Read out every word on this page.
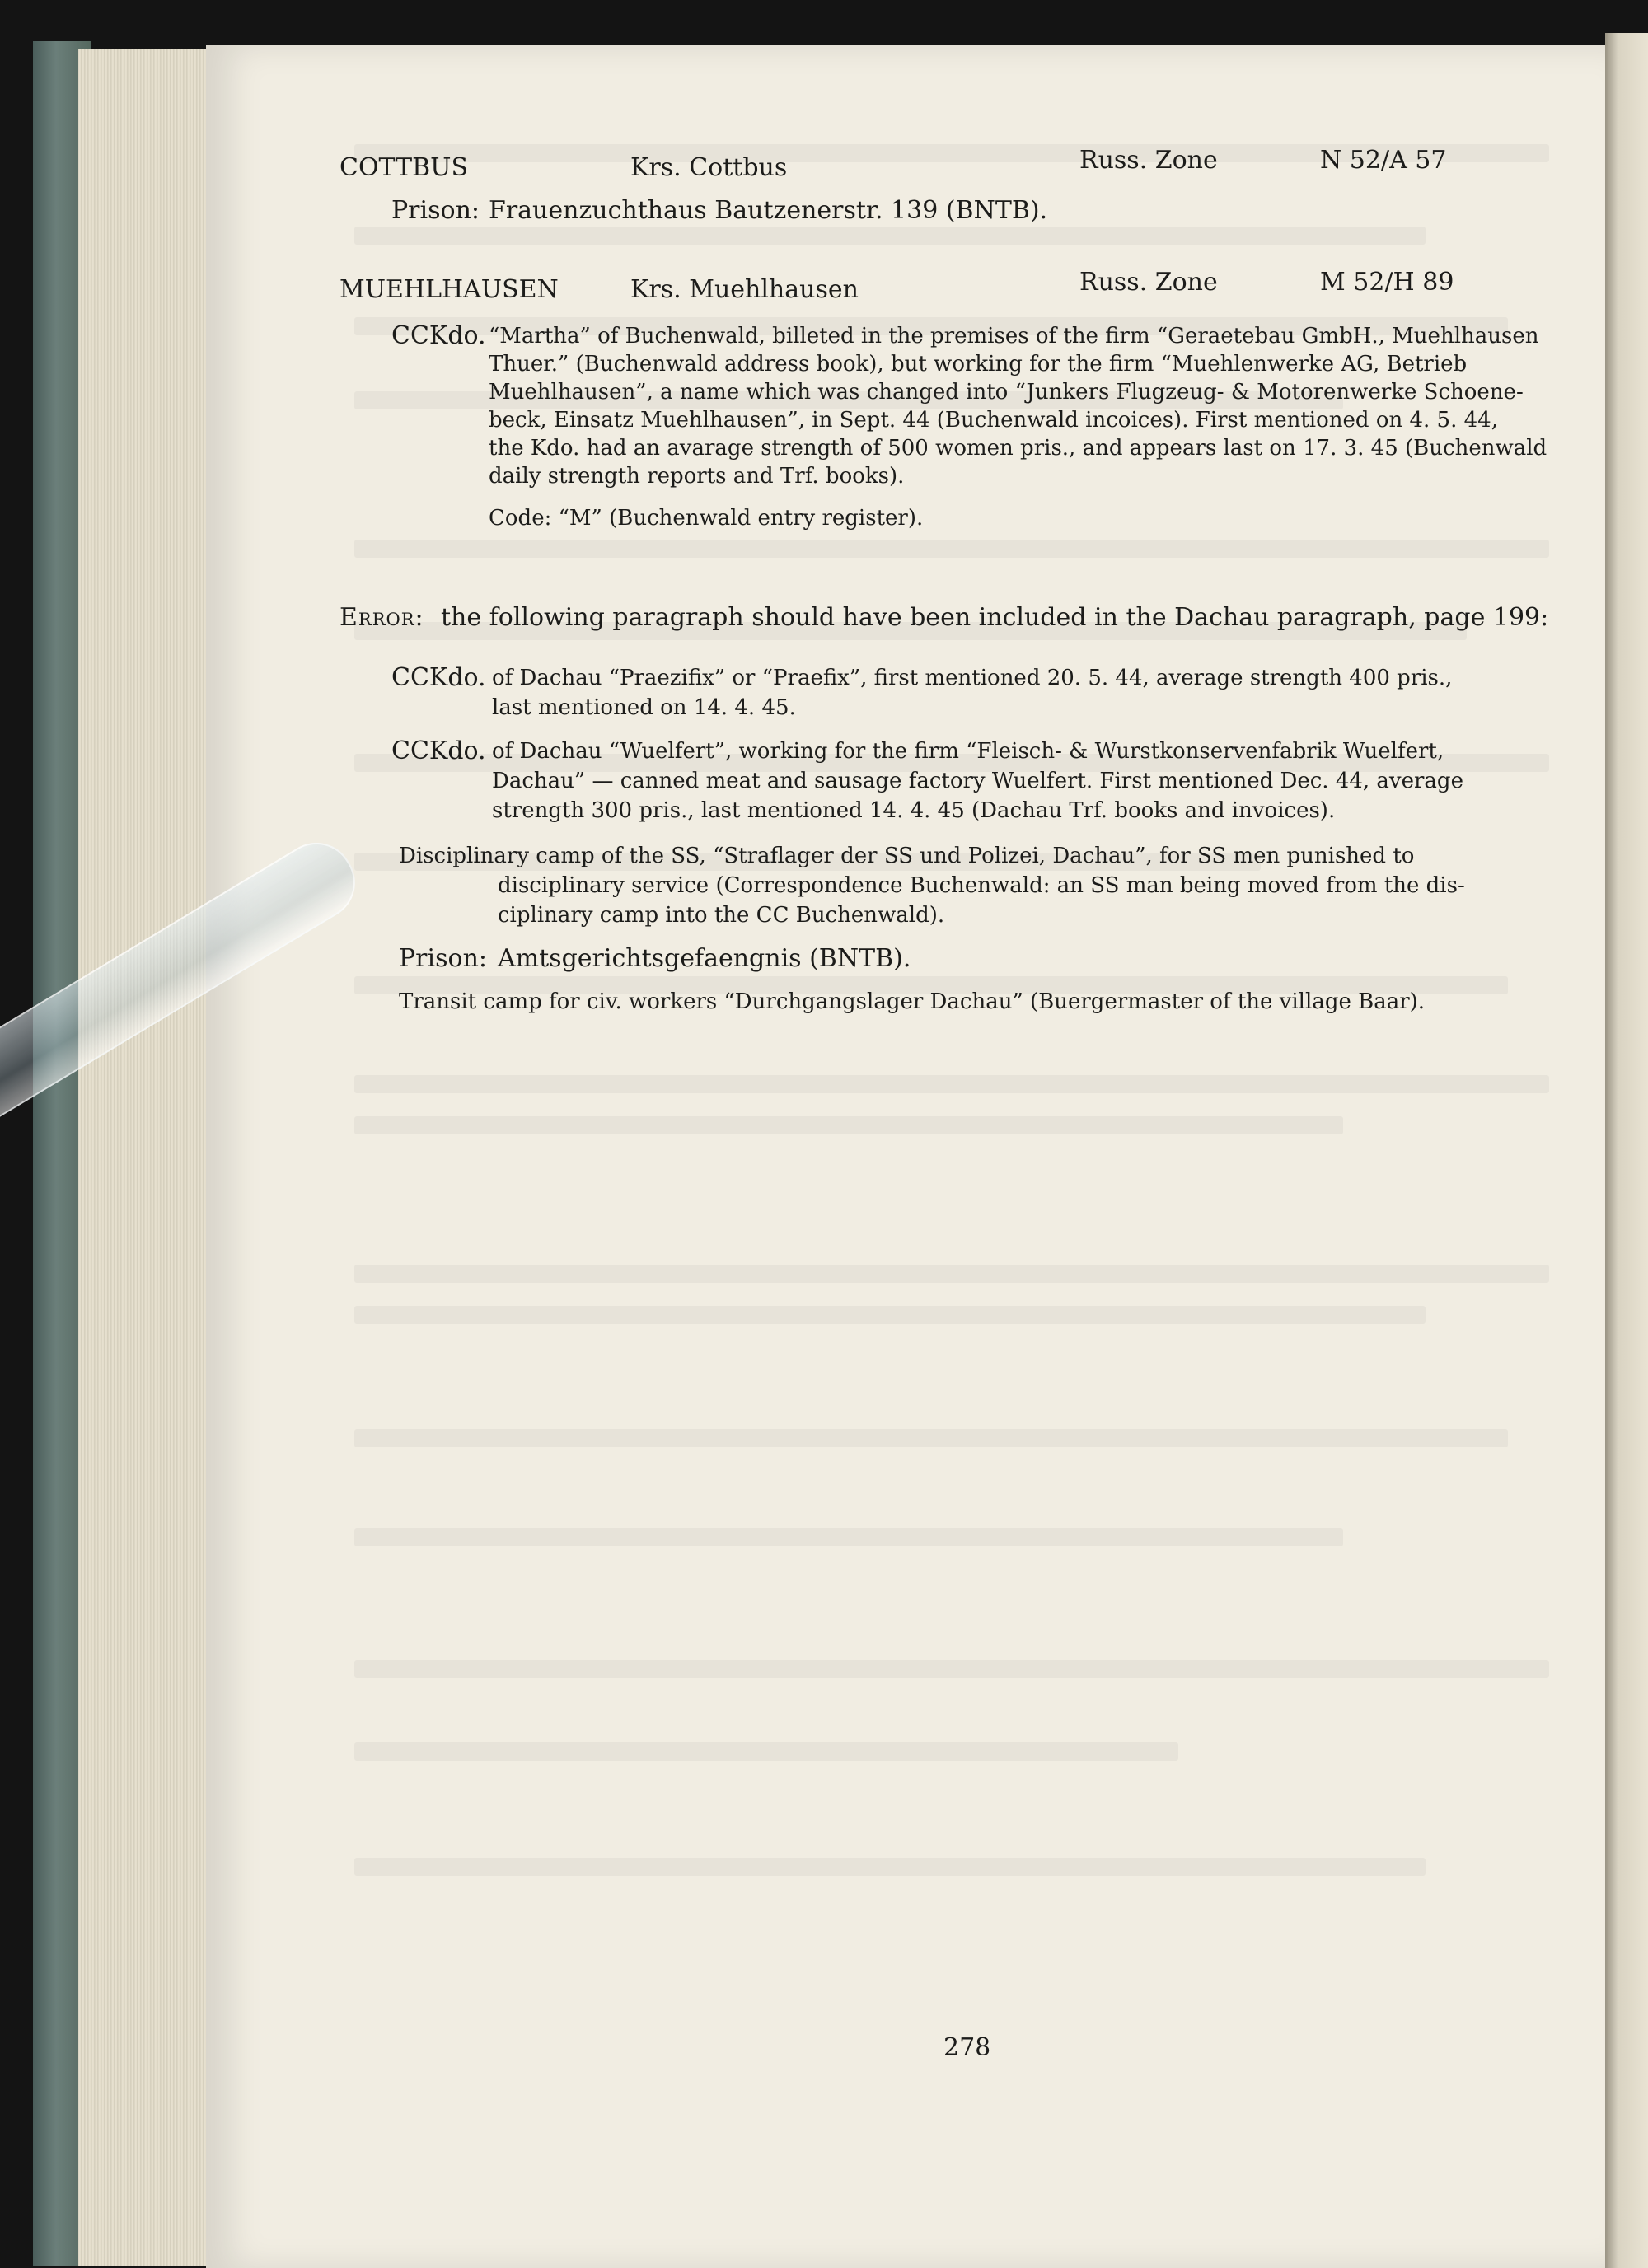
COTTBUS	Krs. Cottbus	Russ. Zone	N 52/A 57
Prison: Frauenzuchthaus Bautzenerstr. 139 (BNTB).
MUEHLHAUSEN	Krs. Muehlhausen	Russ. Zone	M 52/H 89
CCKdo. “Martha” of Buchenwald, billeted in the premises of the firm “Geraetebau GmbH., Muehlhausen
Thuer.” (Buchenwald address book), but working for the firm “Muehlenwerke AG, Betrieb
Muehlhausen”, a name which was changed into “Junkers Flugzeug- & Motorenwerke Schoene-
beck, Einsatz Muehlhausen”, in Sept. 44 (Buchenwald incoices). First mentioned on 4. 5. 44,
the Kdo. had an avarage strength of 500 women pris., and appears last on 17. 3. 45 (Buchenwald
daily strength reports and Trf. books).
Code: “M” (Buchenwald entry register).
Error: the following paragraph should have been included in the Dachau paragraph, page 199:
CCKdo. of Dachau “Praezifix” or “Praefix”, first mentioned 20. 5. 44, average strength 400 pris.,
last mentioned on 14. 4. 45.
CCKdo. of Dachau “Wuelfert”, working for the firm “Fleisch- & Wurstkonservenfabrik Wuelfert,
Dachau” — canned meat and sausage factory Wuelfert. First mentioned Dec. 44, average
strength 300 pris., last mentioned 14. 4. 45 (Dachau Trf. books and invoices).
Disciplinary camp of the SS, “Straflager der SS und Polizei, Dachau”, for SS men punished to
disciplinary service (Correspondence Buchenwald: an SS man being moved from the dis-
ciplinary camp into the CC Buchenwald).
Prison: Amtsgerichtsgefaengnis (BNTB).
Transit camp for civ. workers “Durchgangslager Dachau” (Buergermaster of the village Baar).
278
